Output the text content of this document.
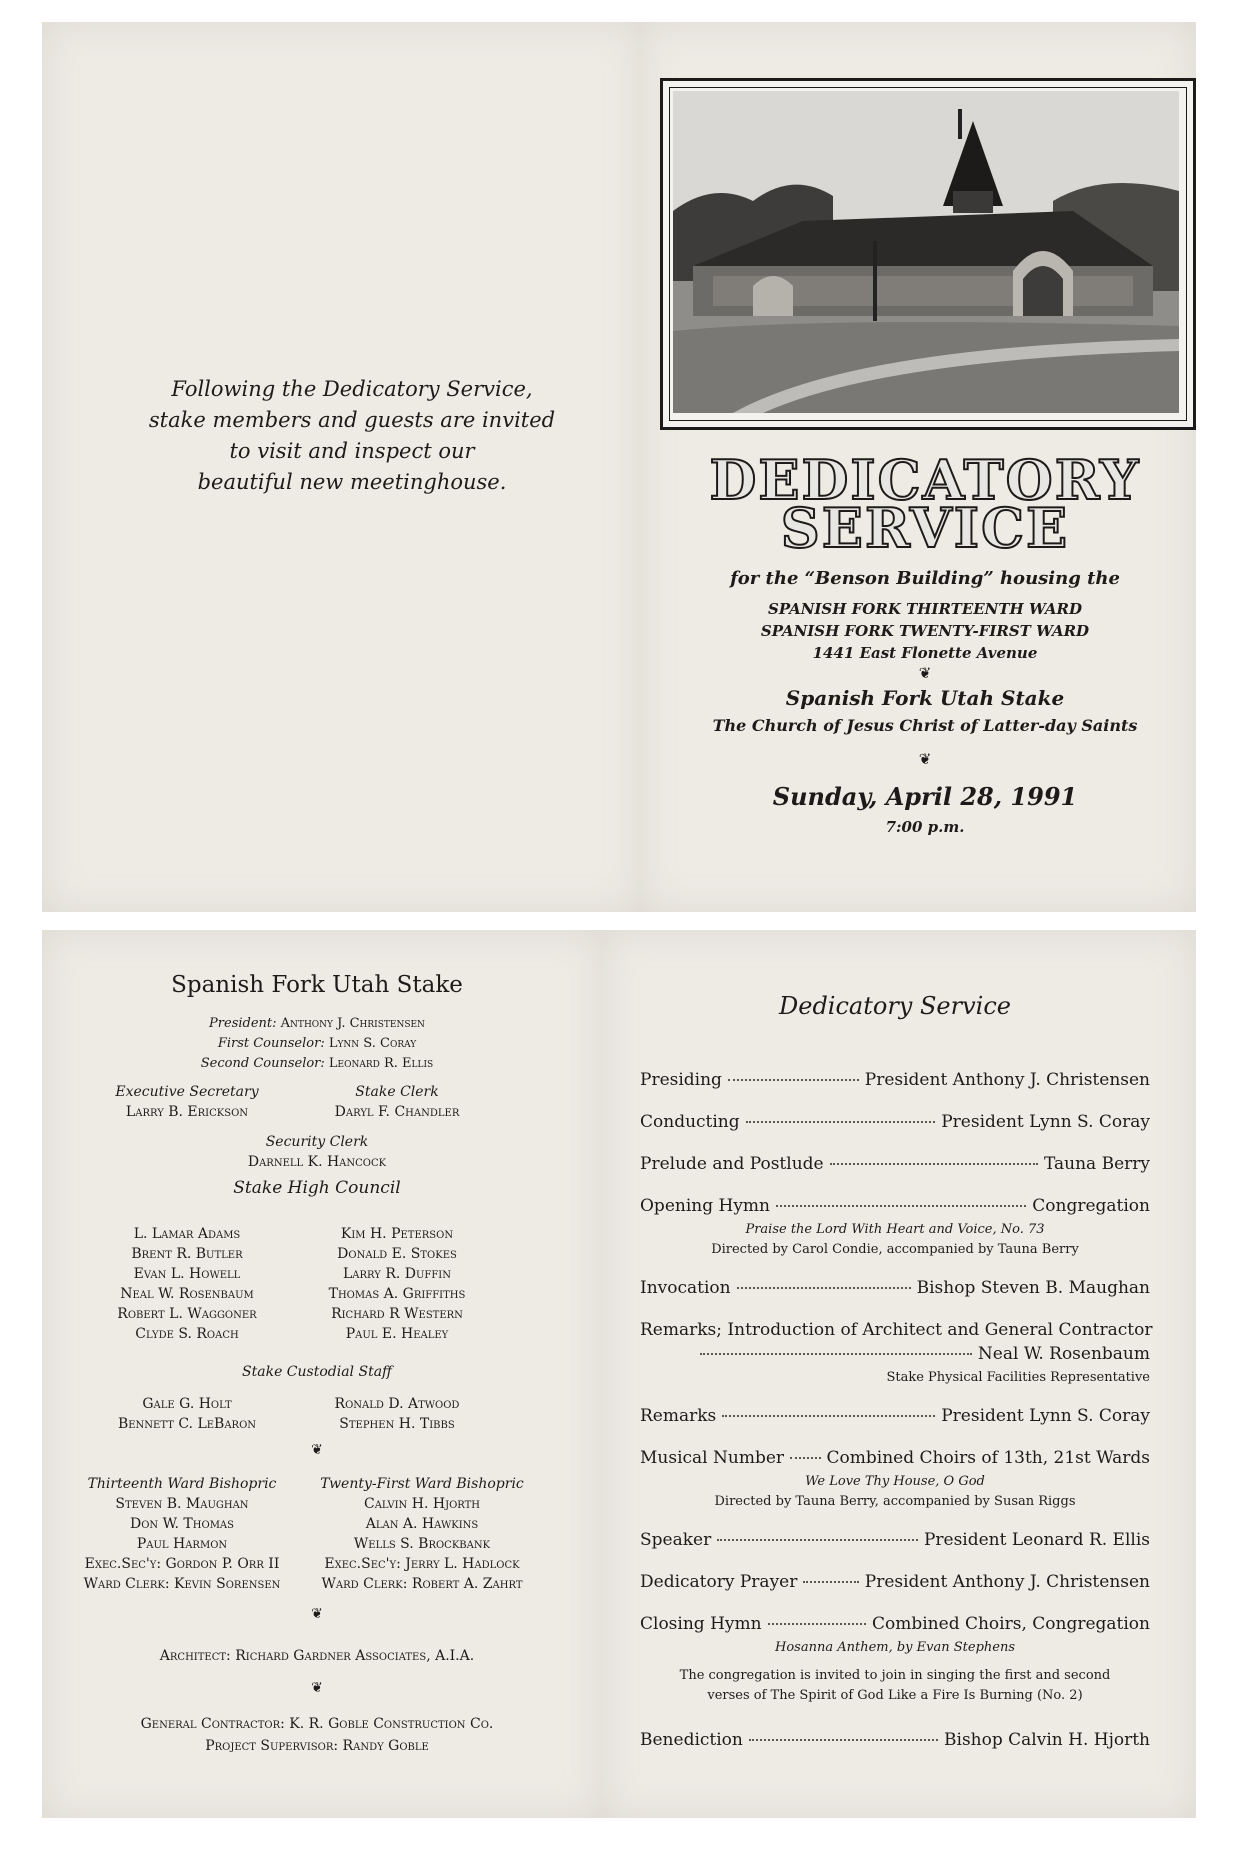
Following the Dedicatory Service,
stake members and guests are invited
to visit and inspect our
beautiful new meetinghouse.	DEDICATORY
SERVICE
for the “Benson Building” housing the
SPANISH FORK THIRTEENTH WARD
SPANISH FORK TWENTY-FIRST WARD
1441 East Flonette Avenue
❦
Spanish Fork Utah Stake
The Church of Jesus Christ of Latter-day Saints
❦
Sunday, April 28, 1991
7:00 p.m.
Spanish Fork Utah Stake
President: Anthony J. Christensen
First Counselor: Lynn S. Coray
Second Counselor: Leonard R. Ellis
Executive Secretary
Larry B. Erickson
Stake Clerk
Daryl F. Chandler
Security Clerk
Darnell K. Hancock
Stake High Council
L. Lamar Adams
Brent R. Butler
Evan L. Howell
Neal W. Rosenbaum
Robert L. Waggoner
Clyde S. Roach
Kim H. Peterson
Donald E. Stokes
Larry R. Duffin
Thomas A. Griffiths
Richard R Western
Paul E. Healey
Stake Custodial Staff
Gale G. Holt
Bennett C. LeBaron
Ronald D. Atwood
Stephen H. Tibbs
❦
Thirteenth Ward Bishopric
Steven B. Maughan
Don W. Thomas
Paul Harmon
Exec.Sec'y: Gordon P. Orr II
Ward Clerk: Kevin Sorensen
Twenty-First Ward Bishopric
Calvin H. Hjorth
Alan A. Hawkins
Wells S. Brockbank
Exec.Sec'y: Jerry L. Hadlock
Ward Clerk: Robert A. Zahrt
❦
Architect: Richard Gardner Associates, A.I.A.
❦
General Contractor: K. R. Goble Construction Co.
Project Supervisor: Randy Goble
Dedicatory Service
Presiding	President Anthony J. Christensen
Conducting	President Lynn S. Coray
Prelude and Postlude	Tauna Berry
Opening Hymn	Congregation
Praise the Lord With Heart and Voice, No. 73
Directed by Carol Condie, accompanied by Tauna Berry
Invocation	Bishop Steven B. Maughan
Remarks; Introduction of Architect and General Contractor
Neal W. Rosenbaum
Stake Physical Facilities Representative
Remarks	President Lynn S. Coray
Musical Number	Combined Choirs of 13th, 21st Wards
We Love Thy House, O God
Directed by Tauna Berry, accompanied by Susan Riggs
Speaker	President Leonard R. Ellis
Dedicatory Prayer	President Anthony J. Christensen
Closing Hymn	Combined Choirs, Congregation
Hosanna Anthem, by Evan Stephens
The congregation is invited to join in singing the first and second
verses of The Spirit of God Like a Fire Is Burning (No. 2)
Benediction	Bishop Calvin H. Hjorth
